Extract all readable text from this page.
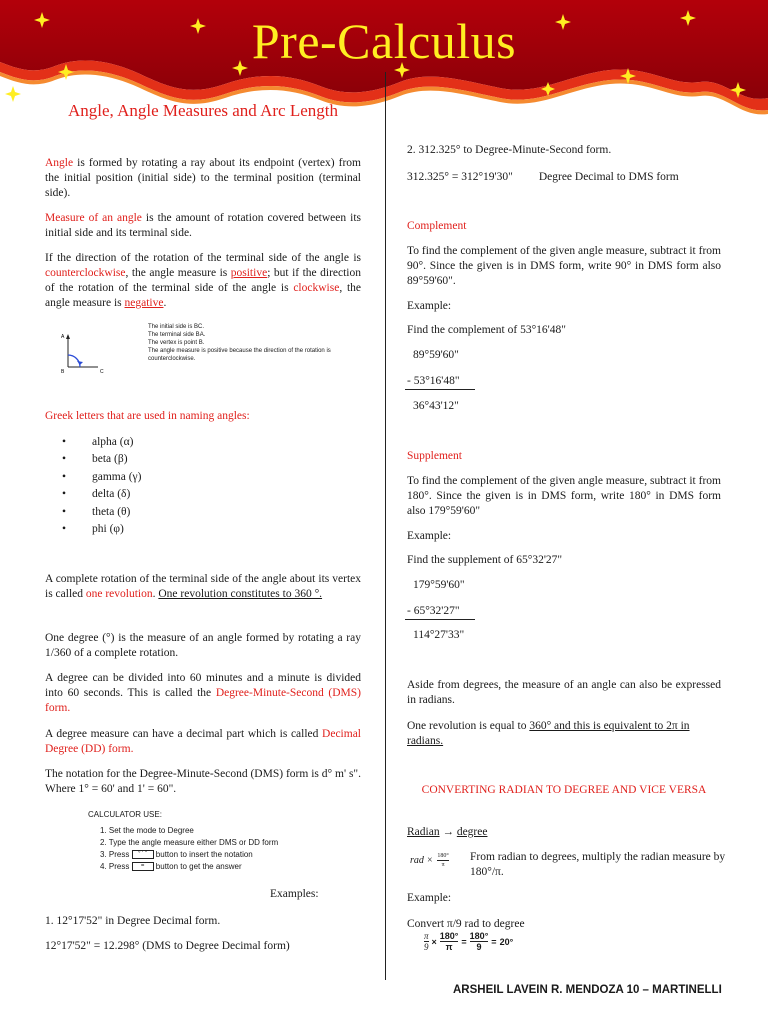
Pre-Calculus
Angle, Angle Measures and Arc Length

Angle is formed by rotating a ray about its endpoint (vertex) from the initial position (initial side) to the terminal position (terminal side).

Measure of an angle is the amount of rotation covered between its initial side and its terminal side.

If the direction of the rotation of the terminal side of the angle is counterclockwise, the angle measure is positive; but if the direction of the rotation of the terminal side of the angle is clockwise, the angle measure is negative.

A
B	C
The initial side is BC.
The terminal side BA.
The vertex is point B.
The angle measure is positive because the direction of the rotation is counterclockwise.

Greek letters that are used in naming angles:

• alpha (α)
• beta (β)
• gamma (γ)
• delta (δ)
• theta (θ)
• phi (φ)

A complete rotation of the terminal side of the angle about its vertex is called one revolution. One revolution constitutes to 360 °.

One degree (°) is the measure of an angle formed by rotating a ray 1/360 of a complete rotation.

A degree can be divided into 60 minutes and a minute is divided into 60 seconds. This is called the Degree-Minute-Second (DMS) form.

A degree measure can have a decimal part which is called Decimal Degree (DD) form.

The notation for the Degree-Minute-Second (DMS) form is d° m' s". Where 1° = 60' and 1' = 60".

CALCULATOR USE:
1. Set the mode to Degree
2. Type the angle measure either DMS or DD form
3. Press ° ' " button to insert the notation
4. Press = button to get the answer

Examples:

1. 12°17'52" in Degree Decimal form.

12°17'52" = 12.298° (DMS to Degree Decimal form)

2. 312.325° to Degree-Minute-Second form.

312.325° = 312°19'30" Degree Decimal to DMS form

Complement

To find the complement of the given angle measure, subtract it from 90°. Since the given is in DMS form, write 90° in DMS form also 89°59'60".

Example:

Find the complement of 53°16'48"

89°59'60"

- 53°16'48"

36°43'12"

Supplement

To find the complement of the given angle measure, subtract it from 180°. Since the given is in DMS form, write 180° in DMS form also 179°59'60"

Example:

Find the supplement of 65°32'27"

179°59'60"

- 65°32'27"

114°27'33"

Aside from degrees, the measure of an angle can also be expressed in radians.

One revolution is equal to 360° and this is equivalent to 2π in radians.

CONVERTING RADIAN TO DEGREE AND VICE VERSA

Radian → degree

rad × $\frac{180^\circ}{\pi}$ From radian to degrees, multiply the radian measure by 180°/π.

Example:

Convert π/9 rad to degree

$\frac{\pi}{9} \times \frac{180^\circ}{\pi} = \frac{180^\circ}{9} = 20^\circ$
ARSHEIL LAVEIN R. MENDOZA 10 – MARTINELLI
